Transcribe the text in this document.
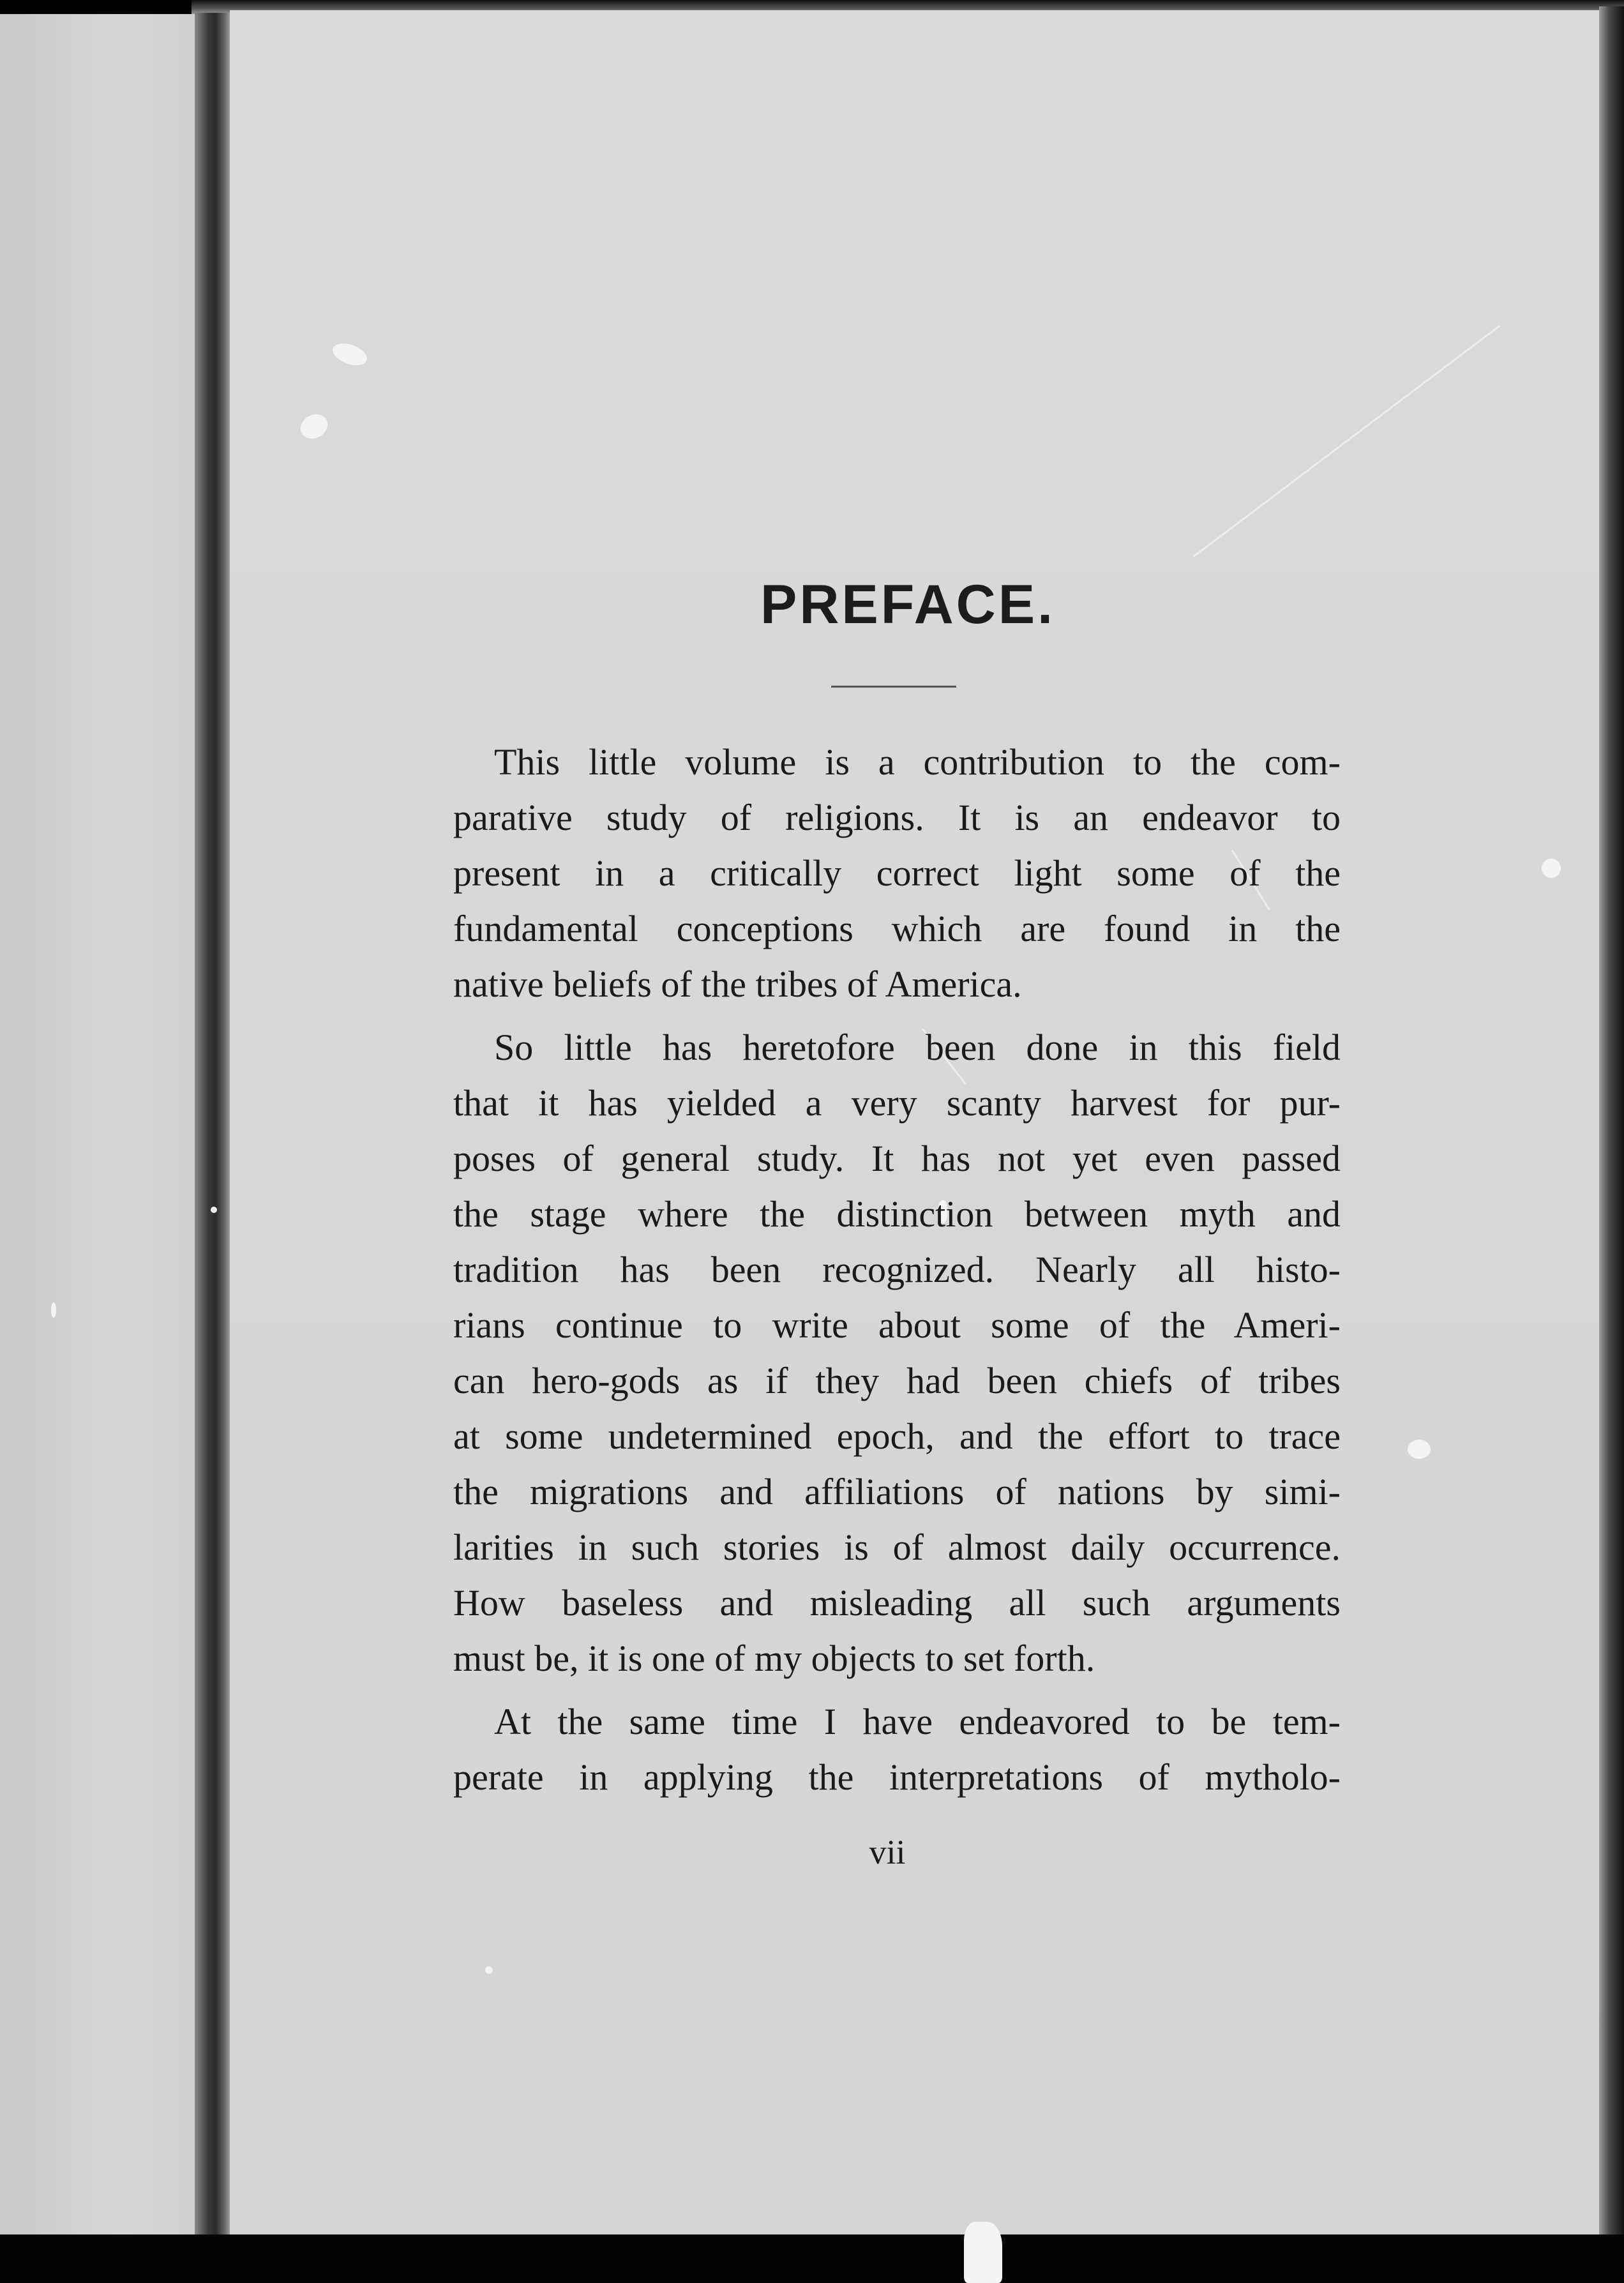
PREFACE.
This little volume is a contribution to the com-
parative study of religions. It is an endeavor to
present in a critically correct light some of the
fundamental conceptions which are found in the
native beliefs of the tribes of America.
So little has heretofore been done in this field
that it has yielded a very scanty harvest for pur-
poses of general study. It has not yet even passed
the stage where the distinction between myth and
tradition has been recognized. Nearly all histo-
rians continue to write about some of the Ameri-
can hero-gods as if they had been chiefs of tribes
at some undetermined epoch, and the effort to trace
the migrations and affiliations of nations by simi-
larities in such stories is of almost daily occurrence.
How baseless and misleading all such arguments
must be, it is one of my objects to set forth.
At the same time I have endeavored to be tem-
perate in applying the interpretations of mytholo-
vii
